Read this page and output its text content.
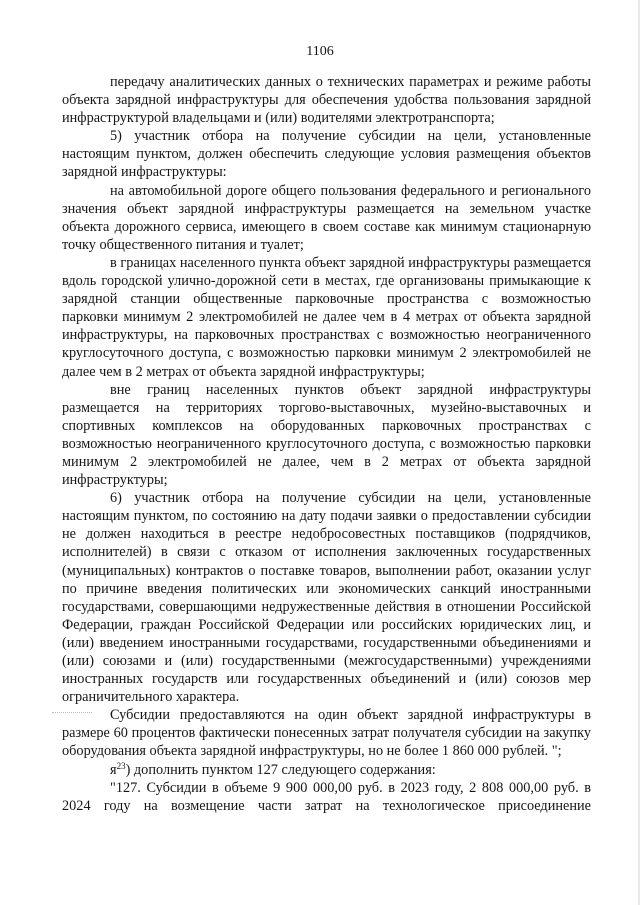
1106

передачу аналитических данных о технических параметрах и режиме работы объекта зарядной инфраструктуры для обеспечения удобства пользования зарядной инфраструктурой владельцами и (или) водителями электротранспорта;

5) участник отбора на получение субсидии на цели, установленные настоящим пунктом, должен обеспечить следующие условия размещения объектов зарядной инфраструктуры:

на автомобильной дороге общего пользования федерального и регионального значения объект зарядной инфраструктуры размещается на земельном участке объекта дорожного сервиса, имеющего в своем составе как минимум стационарную точку общественного питания и туалет;

в границах населенного пункта объект зарядной инфраструктуры размещается вдоль городской улично-дорожной сети в местах, где организованы примыкающие к зарядной станции общественные парковочные пространства с возможностью парковки минимум 2 электромобилей не далее чем в 4 метрах от объекта зарядной инфраструктуры, на парковочных пространствах с возможностью неограниченного круглосуточного доступа, с возможностью парковки минимум 2 электромобилей не далее чем в 2 метрах от объекта зарядной инфраструктуры;

вне границ населенных пунктов объект зарядной инфраструктуры размещается на территориях торгово-выставочных, музейно-выставочных и спортивных комплексов на оборудованных парковочных пространствах с возможностью неограниченного круглосуточного доступа, с возможностью парковки минимум 2 электромобилей не далее, чем в 2 метрах от объекта зарядной инфраструктуры;

6) участник отбора на получение субсидии на цели, установленные настоящим пунктом, по состоянию на дату подачи заявки о предоставлении субсидии не должен находиться в реестре недобросовестных поставщиков (подрядчиков, исполнителей) в связи с отказом от исполнения заключенных государственных (муниципальных) контрактов о поставке товаров, выполнении работ, оказании услуг по причине введения политических или экономических санкций иностранными государствами, совершающими недружественные действия в отношении Российской Федерации, граждан Российской Федерации или российских юридических лиц, и (или) введением иностранными государствами, государственными объединениями и (или) союзами и (или) государственными (межгосударственными) учреждениями иностранных государств или государственных объединений и (или) союзов мер ограничительного характера.

Субсидии предоставляются на один объект зарядной инфраструктуры в размере 60 процентов фактически понесенных затрат получателя субсидии на закупку оборудования объекта зарядной инфраструктуры, но не более 1 860 000 рублей. ";

$я^{23}$) дополнить пунктом 127 следующего содержания:

"127. Субсидии в объеме 9 900 000,00 руб. в 2023 году, 2 808 000,00 руб. в 2024 году на возмещение части затрат на технологическое присоединение
